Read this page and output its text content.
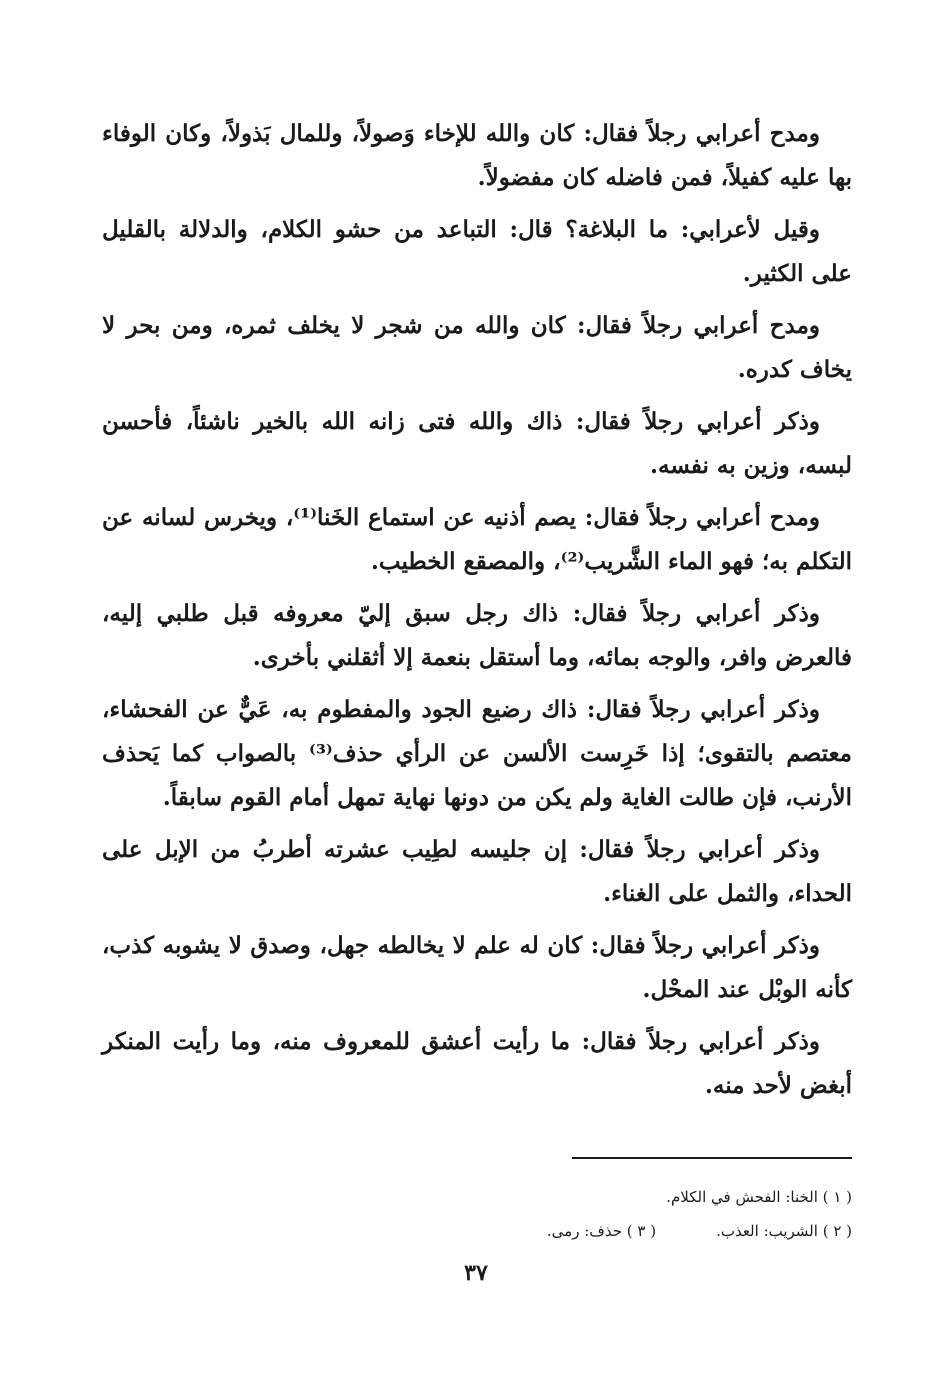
ومدح أعرابي رجلاً فقال: كان والله للإخاء وَصولاً، وللمال بَذولاً، وكان الوفاء بها عليه كفيلاً، فمن فاضله كان مفضولاً.

وقيل لأعرابي: ما البلاغة؟ قال: التباعد من حشو الكلام، والدلالة بالقليل على الكثير.

ومدح أعرابي رجلاً فقال: كان والله من شجر لا يخلف ثمره، ومن بحر لا يخاف كدره.

وذكر أعرابي رجلاً فقال: ذاك والله فتى زانه الله بالخير ناشئاً، فأحسن لبسه، وزين به نفسه.

ومدح أعرابي رجلاً فقال: يصم أذنيه عن استماع الخَنا⁽¹⁾، ويخرس لسانه عن التكلم به؛ فهو الماء الشَّريب⁽²⁾، والمصقع الخطيب.

وذكر أعرابي رجلاً فقال: ذاك رجل سبق إليّ معروفه قبل طلبي إليه، فالعرض وافر، والوجه بمائه، وما أستقل بنعمة إلا أثقلني بأخرى.

وذكر أعرابي رجلاً فقال: ذاك رضيع الجود والمفطوم به، عَيٌّ عن الفحشاء، معتصم بالتقوى؛ إذا خَرِست الألسن عن الرأي حذف⁽³⁾ بالصواب كما يَحذف الأرنب، فإن طالت الغاية ولم يكن من دونها نهاية تمهل أمام القوم سابقاً.

وذكر أعرابي رجلاً فقال: إن جليسه لطِيب عشرته أطربُ من الإبل على الحداء، والثمل على الغناء.

وذكر أعرابي رجلاً فقال: كان له علم لا يخالطه جهل، وصدق لا يشوبه كذب، كأنه الوبْل عند المحْل.

وذكر أعرابي رجلاً فقال: ما رأيت أعشق للمعروف منه، وما رأيت المنكر أبغض لأحد منه.

( ١ ) الخنا: الفحش في الكلام.
( ٢ ) الشريب: العذب.
( ٣ ) حذف: رمى.
٣٧
